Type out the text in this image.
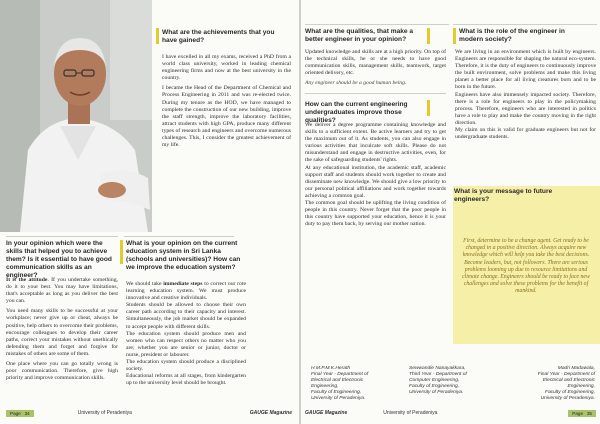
What are the achievements that you have gained?

I have excelled in all my exams, received a PhD from a world class university, worked in leading chemical engineering firms and now at the best university in the country.

I became the Head of the Department of Chemical and Process Engineering in 2011 and was re-elected twice. During my tenure as the HOD, we have managed to complete the construction of our new building, improve the staff strength, improve the laboratory facilities, attract students with high GPA, produce many different types of research and engineers and overcome numerous challenges. This, I consider the greatest achievement of my life.

In your opinion which were the skills that helped you to achieve them? Is it essential to have good communication skills as an engineer?

It is the attitude. If you undertake something, do it to your best. You may have limitations, that's acceptable as long as you deliver the best you can.

You need many skills to be successful at your workplace; never give up or cheat, always be positive, help others to overcome their problems, encourage colleagues to develop their career paths, correct your mistakes without unethically defending them and forget and forgive for mistakes of others are some of them.

One place where you can go totally wrong is poor communication. Therefore, give high priority and improve communication skills.

What is your opinion on the current education system in Sri Lanka (schools and universities)? How can we improve the education system?

We should take immediate steps to correct our rote learning education system. We must produce innovative and creative individuals.

Students should be allowed to choose their own career path according to their capacity and interest. Simultaneously, the job market should be expanded to accept people with different skills.

The education system should produce men and women who can respect others no matter who you are; whether you are senior or junior, doctor or nurse, president or labourer.

The education system should produce a disciplined society.

Educational reforms at all stages, from kindergarten up to the university level should be brought.

Page 34	University of Peradeniya	GAUGE Magazine
What are the qualities, that make a better engineer in your opinion?
Updated knowledge and skills are at a high priority. On top of the technical skills, he or she needs to have good communication skills, management skills, teamwork, target oriented delivery, etc.
Any engineer should be a good human being.
How can the current engineering undergraduates improve those qualities?

We deliver a degree programme containing knowledge and skills to a sufficient extent. Be active learners and try to get the maximum out of it. As students, you can also engage in various activities that inculcate soft skills. Please do not misunderstand and engage in destructive activities, even, for the sake of safeguarding students' rights.

At any educational institution, the academic staff, academic support staff and students should work together to create and disseminate new knowledge. We should give a low priority to our personal political affiliations and work together towards achieving a common goal.

The common goal should be uplifting the living condition of people in this country. Never forget that the poor people in this country have supported your education, hence it is your duty to pay them back, by serving our mother nation.

What is the role of the engineer in modern society?

We are living in an environment which is built by engineers. Engineers are responsible for shaping the natural eco-system. Therefore, it is the duty of engineers to continuously improve the built environment, solve problems and make this living planet a better place for all living creatures born and to be born in the future.

Engineers have also immensely impacted society. Therefore, there is a role for engineers to play in the policymaking process. Therefore, engineers who are interested in politics have a role to play and make the country moving in the right direction.

My claim on this is valid for graduate engineers but not for undergraduate students.

What is your message to future engineers?
First, determine to be a change agent. Get ready to be changed in a positive direction. Always acquire new knowledge which will help you take the best decisions. Become leaders, but, not followers. There are serious problems looming up due to resource limitations and climate change. Engineers should be ready to face new challenges and solve these problems for the benefit of mankind.
H.M.P.M.K.Herath
Final Year - Department of
Electrical and Electronic
Engineering,
Faculty of Engineering,
University of Peradeniya.
Sewwandie Nanayakkara,
Third Year - Department of
Computer Engineering,
Faculty of Engineering,
University of Peradeniya.
Madri Madawala,
Final Year - Department of
Electrical and Electronic
Engineering,
Faculty of Engineering,
University of Peradeniya.
GAUGE Magazine	University of Peradeniya	Page 35
